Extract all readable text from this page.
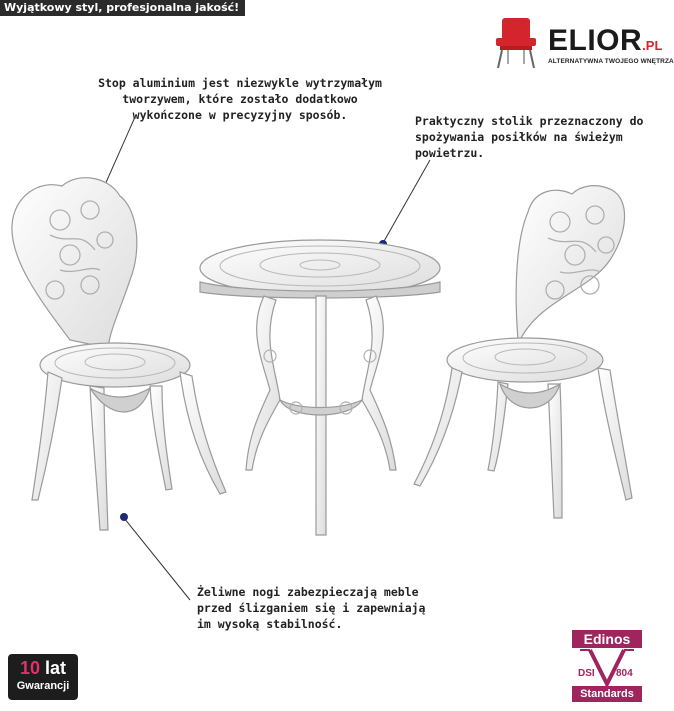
Wyjątkowy styl, profesjonalna jakość!
ELIOR.PL
ALTERNATYWNA TWOJEGO WNĘTRZA
Stop aluminium jest niezwykle wytrzymałym tworzywem, które zostało dodatkowo wykończone w precyzyjny sposób.	Praktyczny stolik przeznaczony do spożywania posiłków na świeżym powietrzu.
Żeliwne nogi zabezpieczają meble przed ślizganiem się i zapewniają im wysoką stabilność.
10 lat
Gwarancji
Edinos
DSI 804
Standards
